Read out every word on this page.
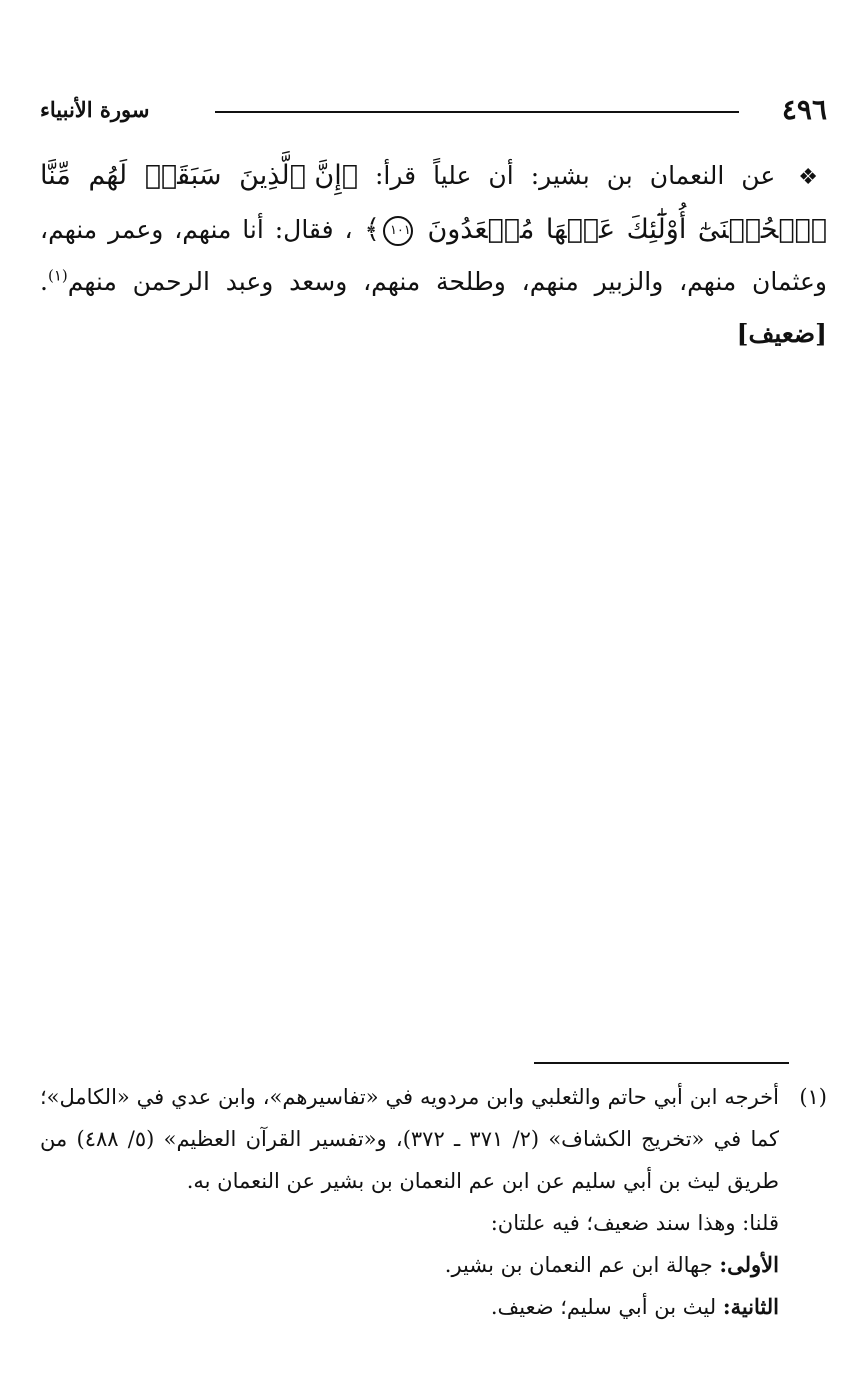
٤٩٦
سورة الأنبياء
❖ عن النعمان بن بشير: أن علياً قرأ: ﴿إِنَّ ٱلَّذِينَ سَبَقَتۡ لَهُم مِّنَّا ٱلۡحُسۡنَىٰٓ أُوْلَٰٓئِكَ عَنۡهَا مُبۡعَدُونَ ١٠١﴾ ، فقال: أنا منهم، وعمر منهم، وعثمان منهم، والزبير منهم، وطلحة منهم، وسعد وعبد الرحمن منهم$^{(١)}$. [ضعيف]
(١)
أخرجه ابن أبي حاتم والثعلبي وابن مردويه في «تفاسيرهم»، وابن عدي في «الكامل»؛ كما في «تخريج الكشاف» (٢/ ٣٧١ ـ ٣٧٢)، و«تفسير القرآن العظيم» (٥/ ٤٨٨) من طريق ليث بن أبي سليم عن ابن عم النعمان بن بشير عن النعمان به.
قلنا: وهذا سند ضعيف؛ فيه علتان:
الأولى: جهالة ابن عم النعمان بن بشير.
الثانية: ليث بن أبي سليم؛ ضعيف.
